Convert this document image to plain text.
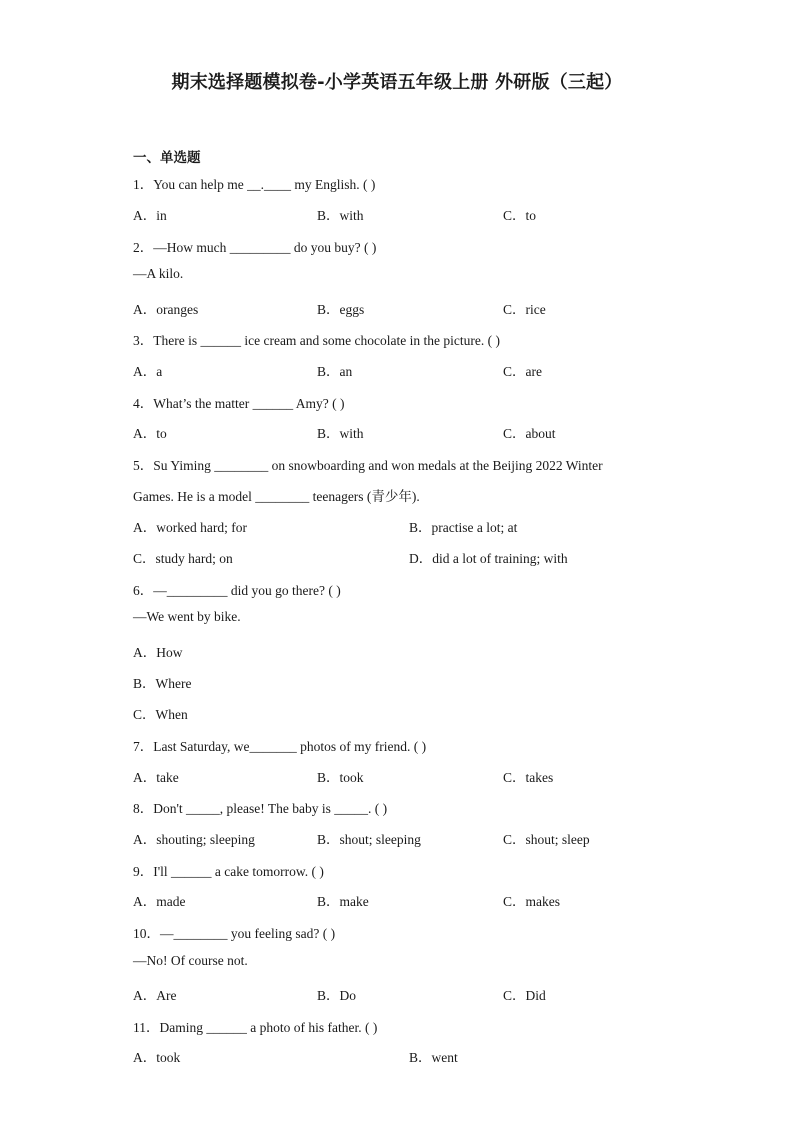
期末选择题模拟卷-小学英语五年级上册 外研版（三起）
一、单选题
1．You can help me __.____ my English. ( )
A．in	B．with	C．to
2．—How much _________ do you buy? ( )
—A kilo.
A．oranges	B．eggs	C．rice
3．There is ______ ice cream and some chocolate in the picture. ( )
A．a	B．an	C．are
4．What’s the matter ______ Amy? ( )
A．to	B．with	C．about
5．Su Yiming ________ on snowboarding and won medals at the Beijing 2022 Winter
Games. He is a model ________ teenagers (青少年).
A．worked hard; for	B．practise a lot; at
C．study hard; on	D．did a lot of training; with
6．—_________ did you go there? ( )
—We went by bike.
A．How
B．Where
C．When
7．Last Saturday, we_______ photos of my friend. ( )
A．take	B．took	C．takes
8．Don't _____, please! The baby is _____. ( )
A．shouting; sleeping	B．shout; sleeping	C．shout; sleep
9．I'll ______ a cake tomorrow. ( )
A．made	B．make	C．makes
10．—________ you feeling sad? ( )
—No! Of course not.
A．Are	B．Do	C．Did
11．Daming ______ a photo of his father. ( )
A．took	B．went
